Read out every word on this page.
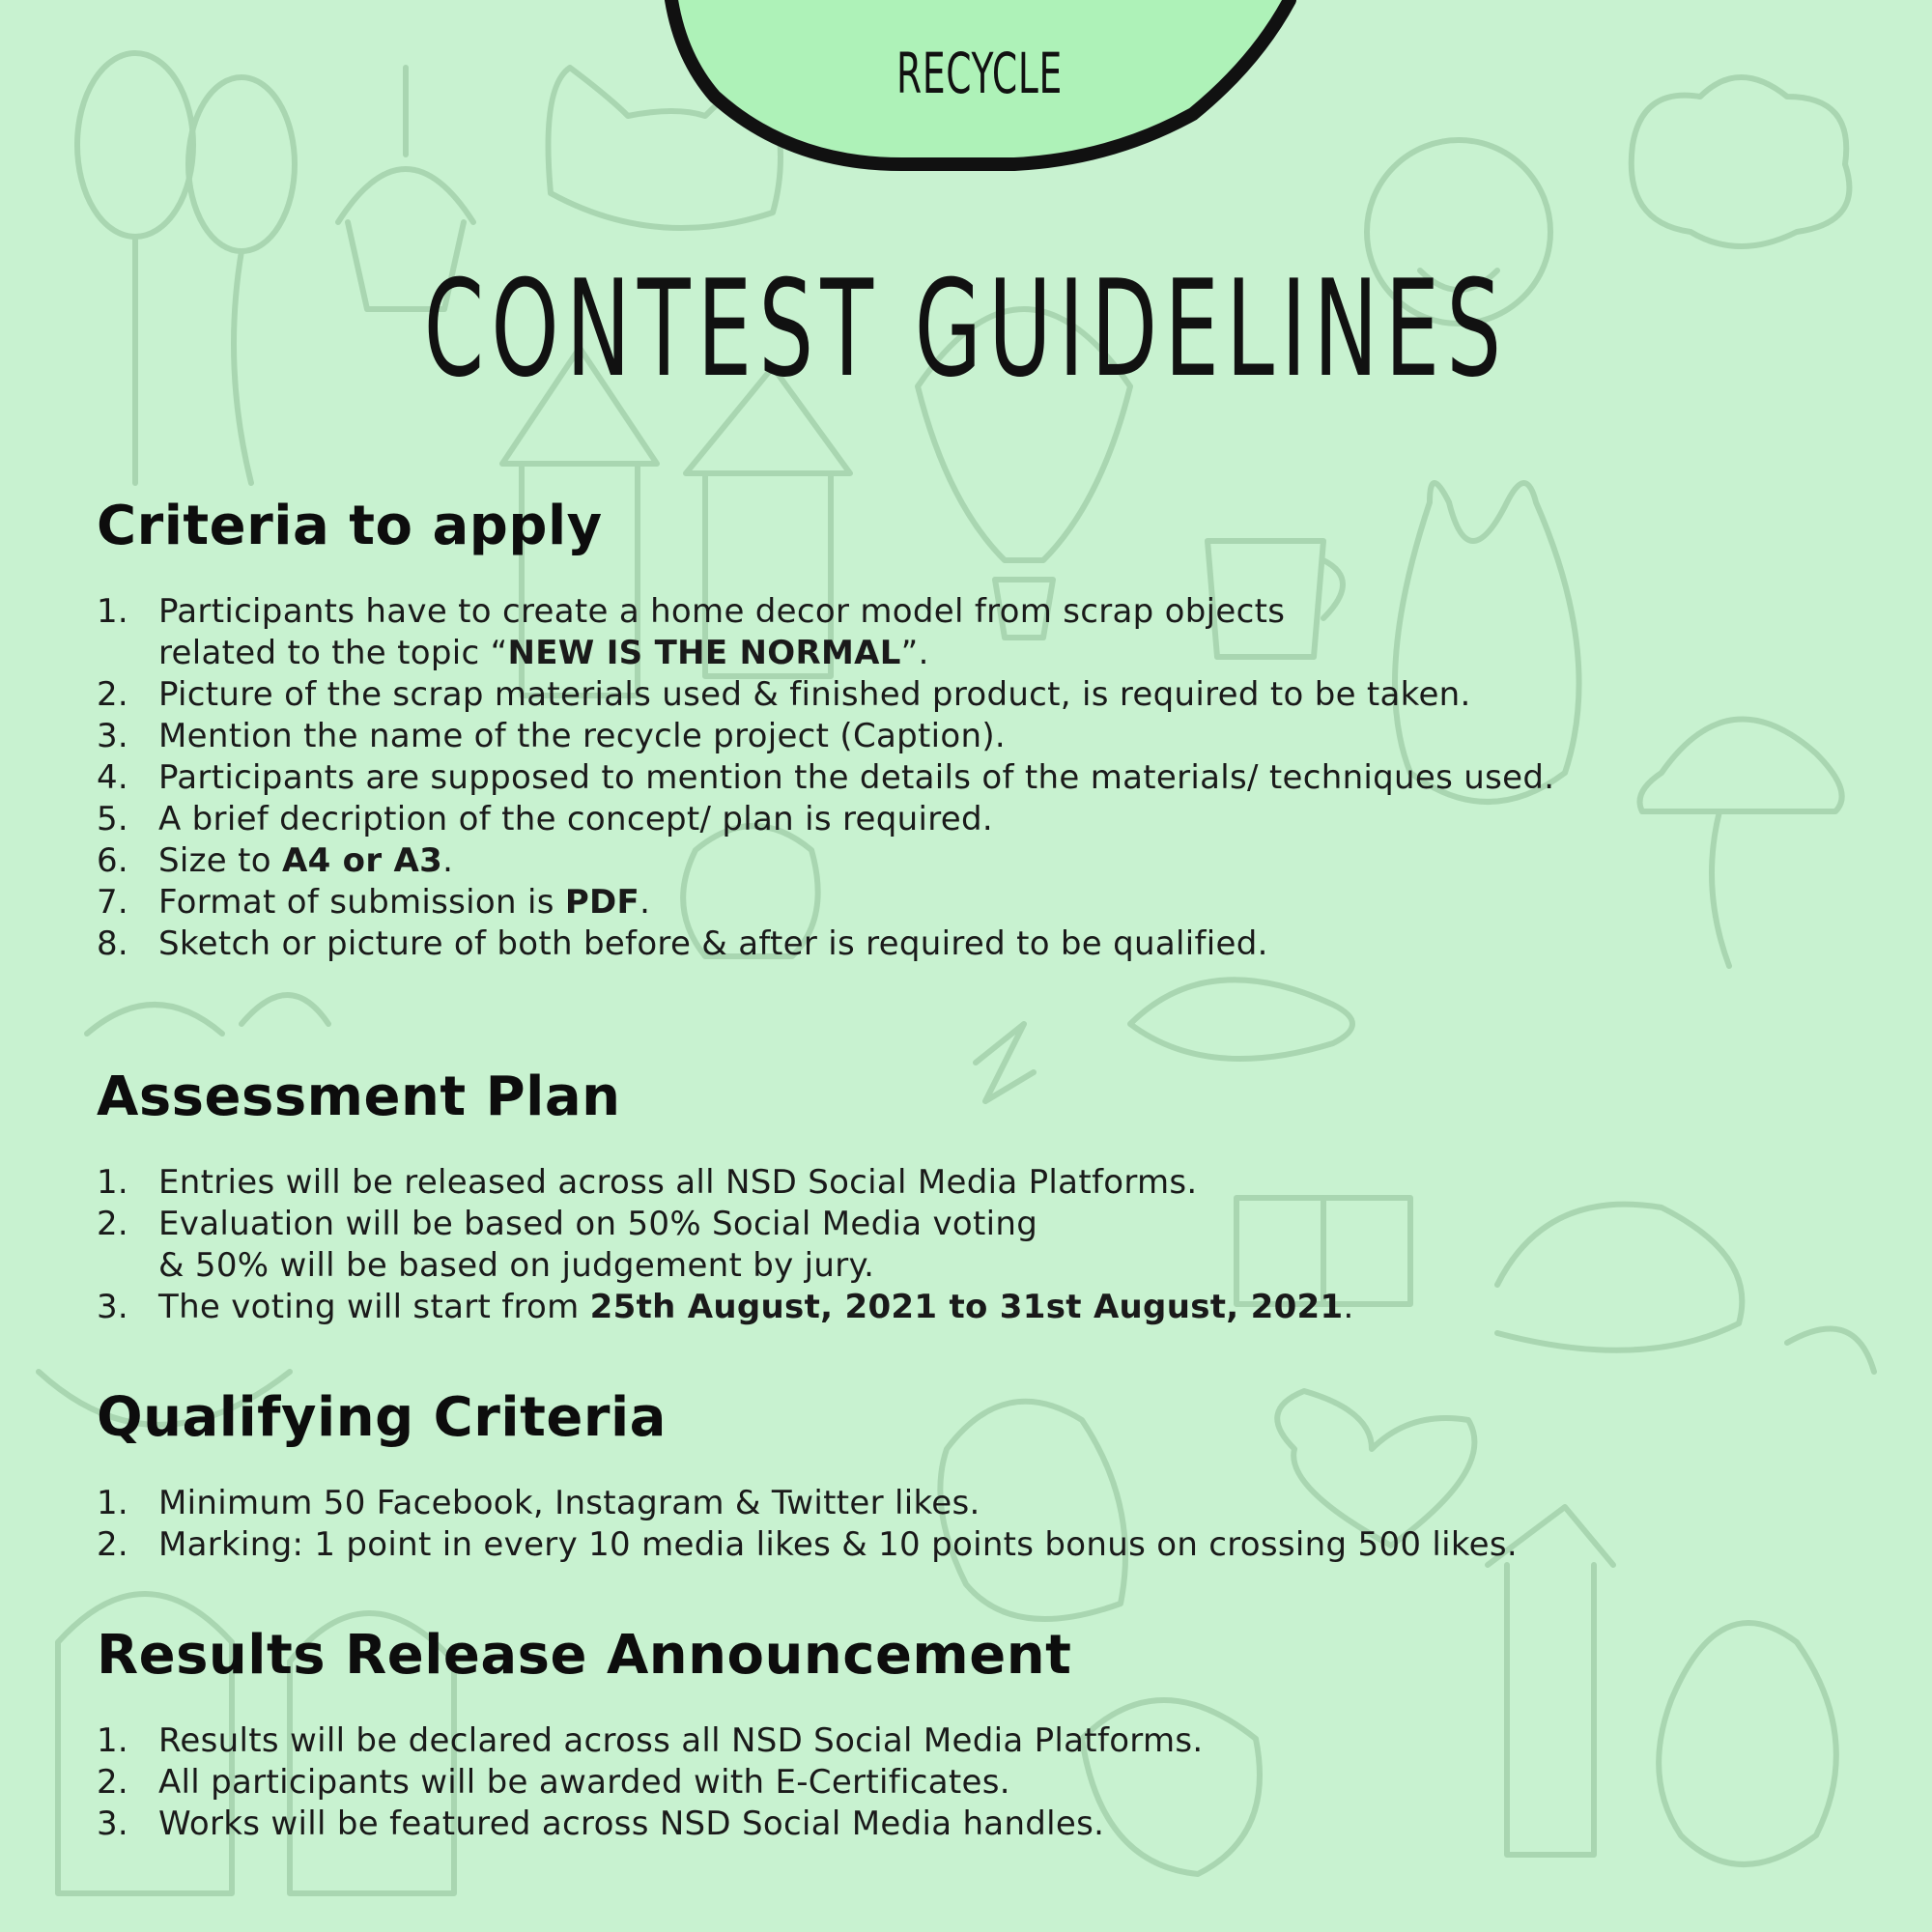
RECYCLE
CONTEST GUIDELINES
Criteria to apply
1. Participants have to create a home decor model from scrap objects
related to the topic “NEW IS THE NORMAL”.
2. Picture of the scrap materials used & finished product, is required to be taken.
3. Mention the name of the recycle project (Caption).
4. Participants are supposed to mention the details of the materials/ techniques used.
5. A brief decription of the concept/ plan is required.
6. Size to A4 or A3.
7. Format of submission is PDF.
8. Sketch or picture of both before & after is required to be qualified.
Assessment Plan
1. Entries will be released across all NSD Social Media Platforms.
2. Evaluation will be based on 50% Social Media voting
& 50% will be based on judgement by jury.
3. The voting will start from 25th August, 2021 to 31st August, 2021.
Qualifying Criteria
1. Minimum 50 Facebook, Instagram & Twitter likes.
2. Marking: 1 point in every 10 media likes & 10 points bonus on crossing 500 likes.
Results Release Announcement
1. Results will be declared across all NSD Social Media Platforms.
2. All participants will be awarded with E-Certificates.
3. Works will be featured across NSD Social Media handles.
